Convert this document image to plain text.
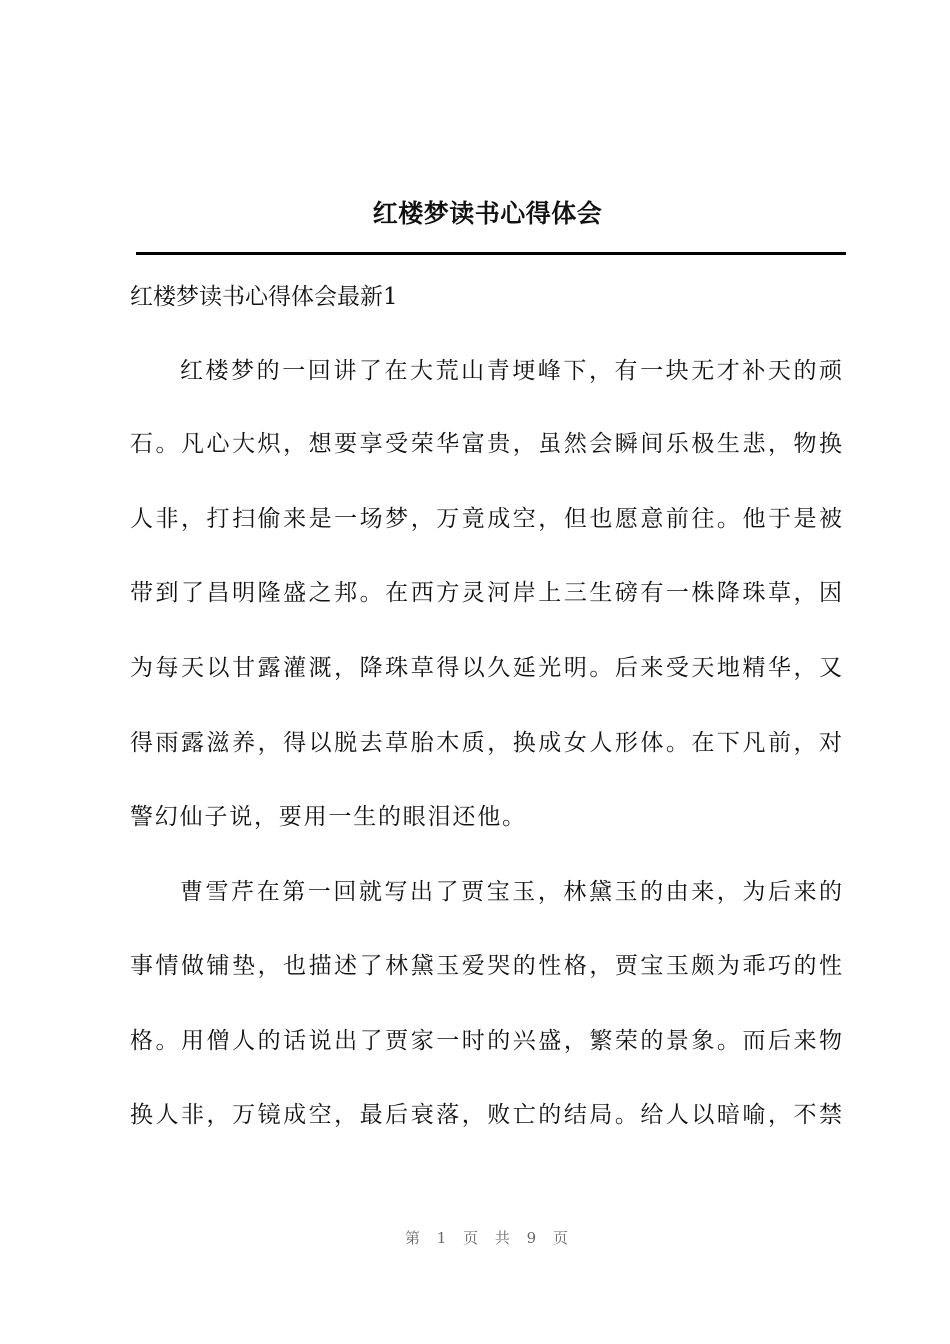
红楼梦读书心得体会
红楼梦读书心得体会最新1
红楼梦的一回讲了在大荒山青埂峰下，有一块无才补天的顽
石。凡心大炽，想要享受荣华富贵，虽然会瞬间乐极生悲，物换
人非，打扫偷来是一场梦，万竟成空，但也愿意前往。他于是被
带到了昌明隆盛之邦。在西方灵河岸上三生磅有一株降珠草，因
为每天以甘露灌溉，降珠草得以久延光明。后来受天地精华，又
得雨露滋养，得以脱去草胎木质，换成女人形体。在下凡前，对
警幻仙子说，要用一生的眼泪还他。
曹雪芹在第一回就写出了贾宝玉，林黛玉的由来，为后来的
事情做铺垫，也描述了林黛玉爱哭的性格，贾宝玉颇为乖巧的性
格。用僧人的话说出了贾家一时的兴盛，繁荣的景象。而后来物
换人非，万镜成空，最后衰落，败亡的结局。给人以暗喻，不禁
第 1 页 共 9 页
